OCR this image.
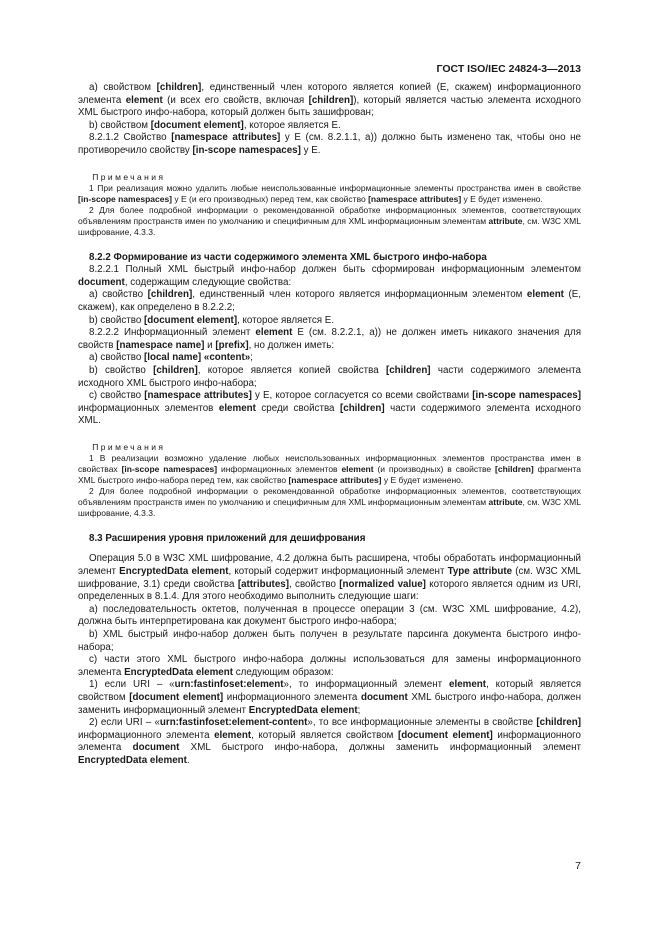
ГОСТ ISO/IEC 24824-3—2013
a) свойством [children], единственный член которого является копией (E, скажем) информационного элемента element (и всех его свойств, включая [children]), который является частью элемента исходного XML быстрого инфо-набора, который должен быть зашифрован;
b) свойством [document element], которое является E.
8.2.1.2 Свойство [namespace attributes] у E (см. 8.2.1.1, a)) должно быть изменено так, чтобы оно не противоречило свойству [in-scope namespaces] у E.
Примечания
1 При реализация можно удалить любые неиспользованные информационные элементы пространства имен в свойстве [in-scope namespaces] у E (и его производных) перед тем, как свойство [namespace attributes] у E будет изменено.
2 Для более подробной информации о рекомендованной обработке информационных элементов, соответствующих объявлениям пространств имен по умолчанию и специфичным для XML информационным элементам attribute, см. W3C XML шифрование, 4.3.3.
8.2.2 Формирование из части содержимого элемента XML быстрого инфо-набора
8.2.2.1 Полный XML быстрый инфо-набор должен быть сформирован информационным элементом document, содержащим следующие свойства:
a) свойство [children], единственный член которого является информационным элементом element (E, скажем), как определено в 8.2.2.2;
b) свойство [document element], которое является E.
8.2.2.2 Информационный элемент element E (см. 8.2.2.1, a)) не должен иметь никакого значения для свойств [namespace name] и [prefix], но должен иметь:
a) свойство [local name] «content»;
b) свойство [children], которое является копией свойства [children] части содержимого элемента исходного XML быстрого инфо-набора;
c) свойство [namespace attributes] у E, которое согласуется со всеми свойствами [in-scope namespaces] информационных элементов element среди свойства [children] части содержимого элемента исходного XML.
Примечания
1 В реализации возможно удаление любых неиспользованных информационных элементов пространства имен в свойствах [in-scope namespaces] информационных элементов element (и производных) в свойстве [children] фрагмента XML быстрого инфо-набора перед тем, как свойство [namespace attributes] у E будет изменено.
2 Для более подробной информации о рекомендованной обработке информационных элементов, соответствующих объявлениям пространств имен по умолчанию и специфичным для XML информационным элементам attribute, см. W3C XML шифрование, 4.3.3.
8.3 Расширения уровня приложений для дешифрования
Операция 5.0 в W3C XML шифрование, 4.2 должна быть расширена, чтобы обработать информационный элемент EncryptedData element, который содержит информационный элемент Type attribute (см. W3C XML шифрование, 3.1) среди свойства [attributes], свойство [normalized value] которого является одним из URI, определенных в 8.1.4. Для этого необходимо выполнить следующие шаги:
a) последовательность октетов, полученная в процессе операции 3 (см. W3C XML шифрование, 4.2), должна быть интерпретирована как документ быстрого инфо-набора;
b) XML быстрый инфо-набор должен быть получен в результате парсинга документа быстрого инфо-набора;
c) части этого XML быстрого инфо-набора должны использоваться для замены информационного элемента EncryptedData element следующим образом:
1) если URI – «urn:fastinfoset:element», то информационный элемент element, который является свойством [document element] информационного элемента document XML быстрого инфо-набора, должен заменить информационный элемент EncryptedData element;
2) если URI – «urn:fastinfoset:element-content», то все информационные элементы в свойстве [children] информационного элемента element, который является свойством [document element] информационного элемента document XML быстрого инфо-набора, должны заменить информационный элемент EncryptedData element.
7
